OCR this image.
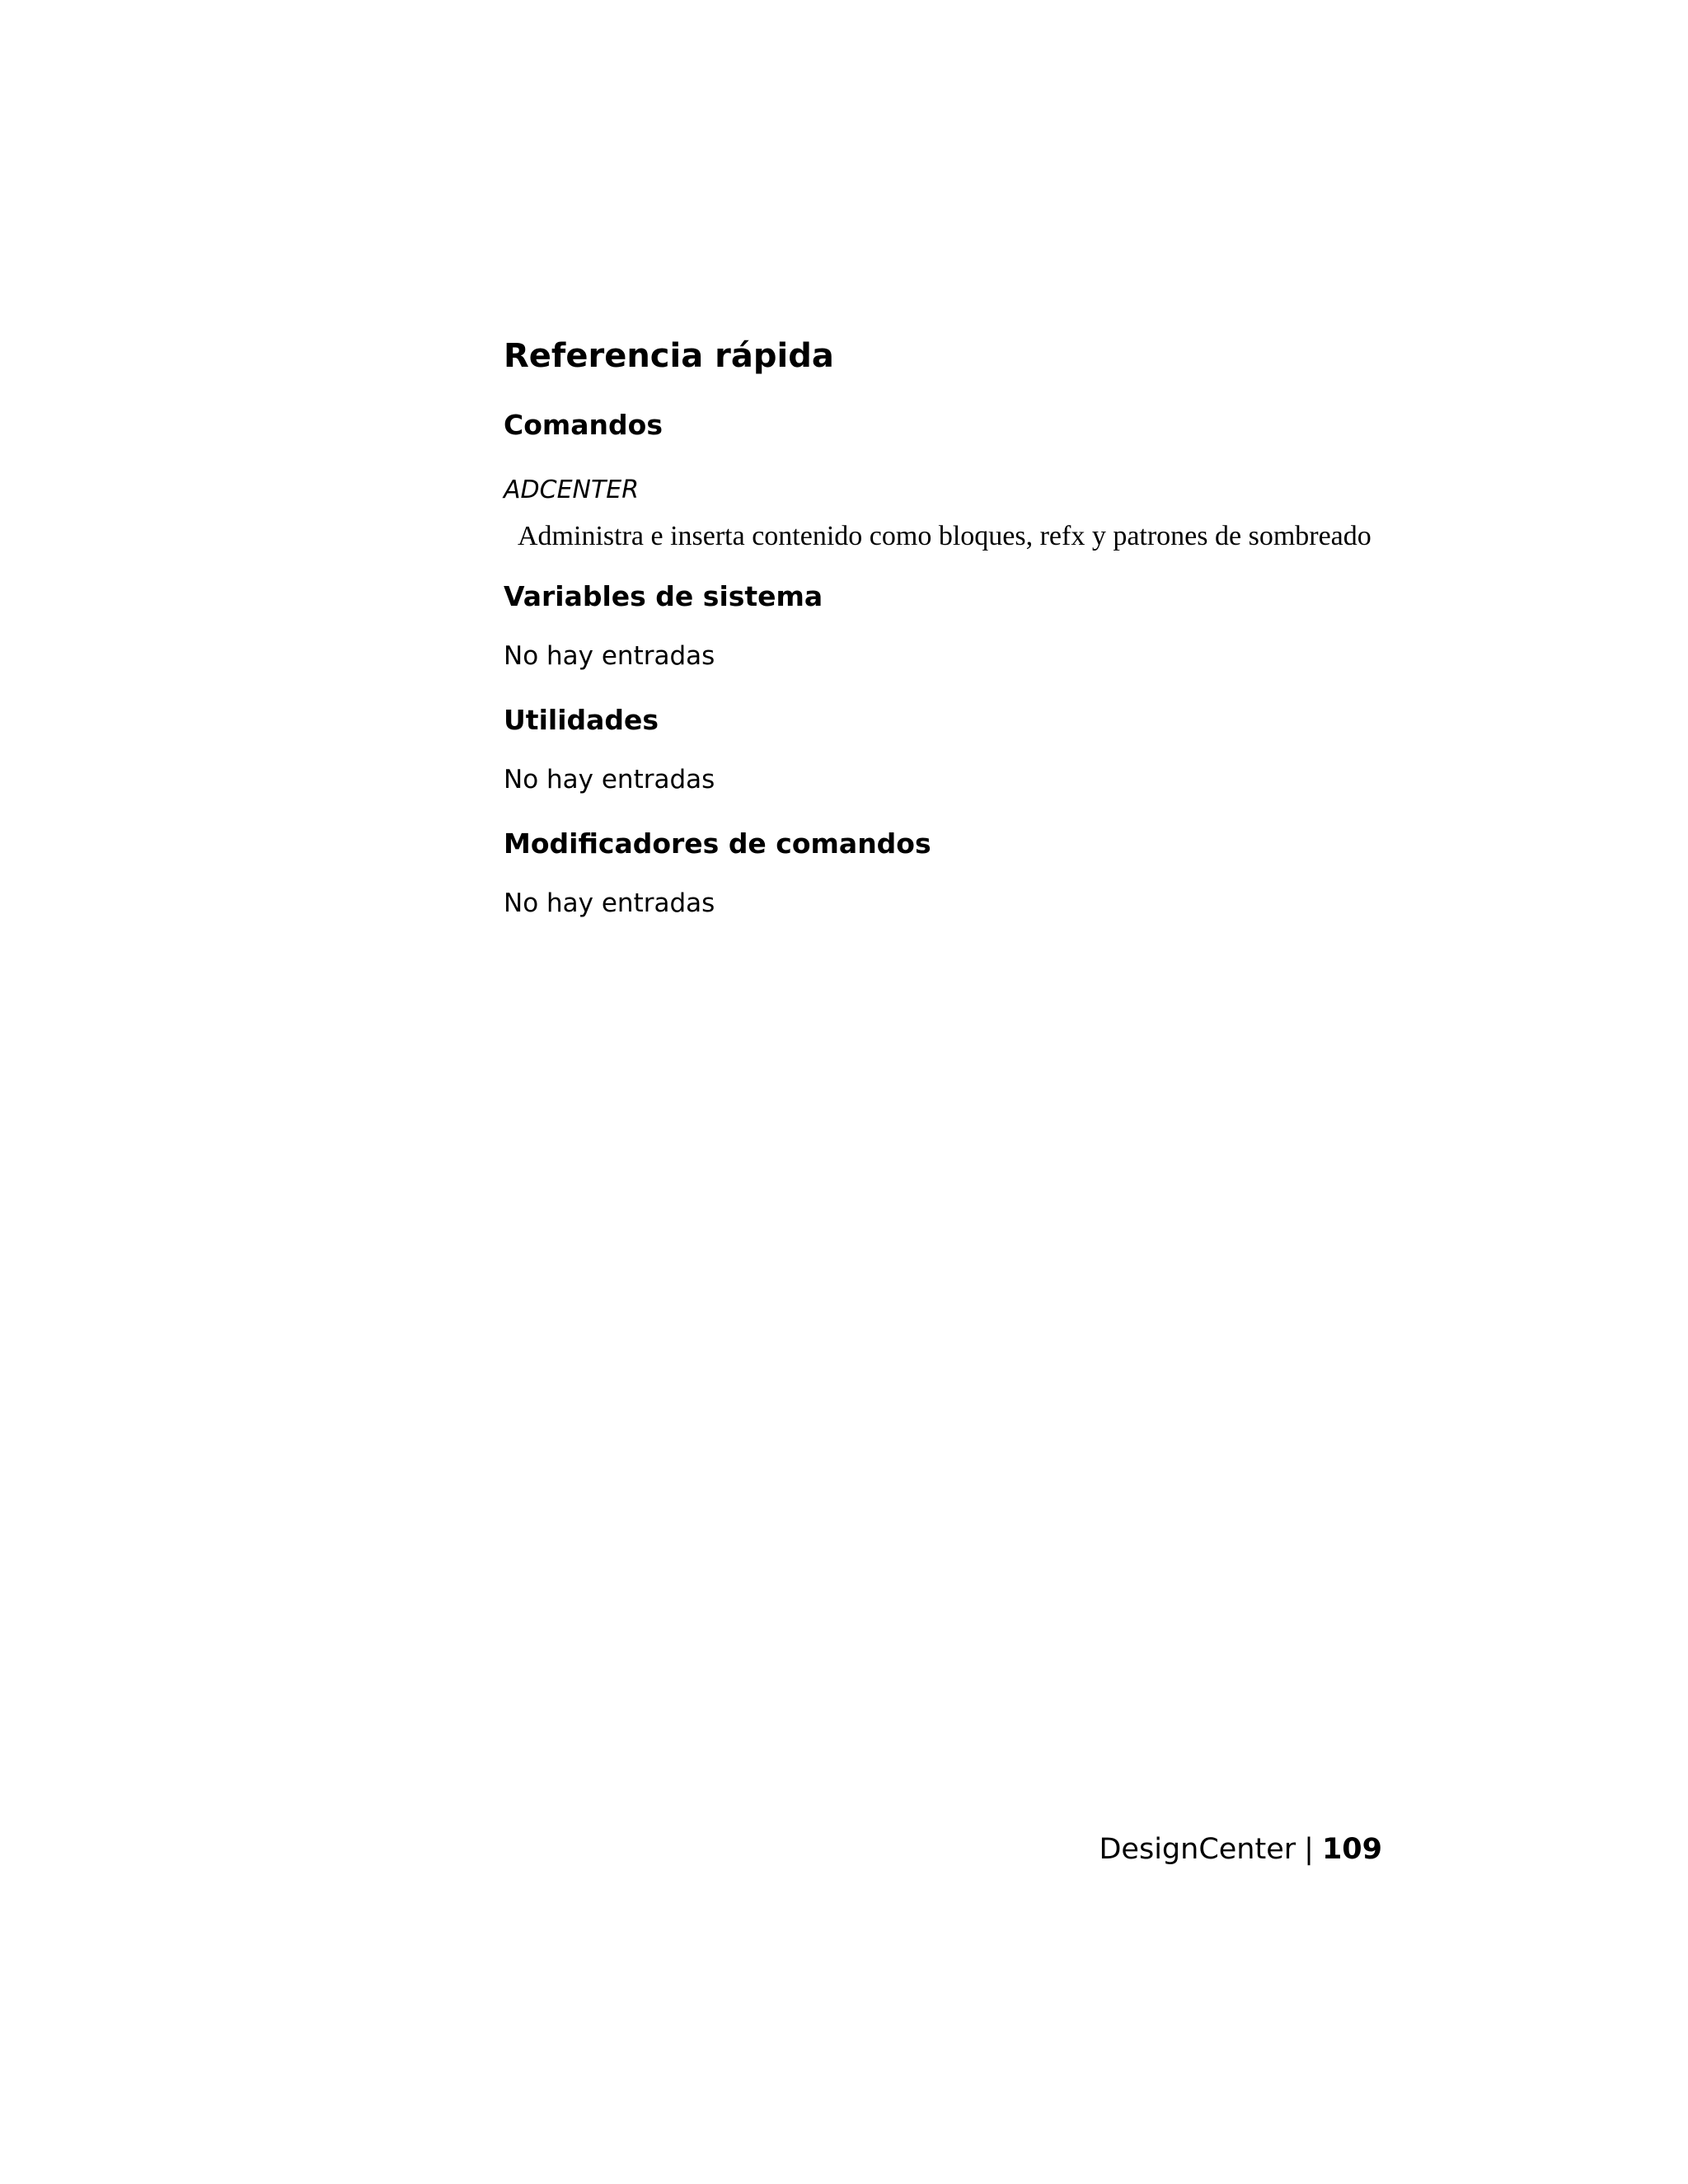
Referencia rápida
Comandos
ADCENTER
Administra e inserta contenido como bloques, refx y patrones de sombreado
Variables de sistema
No hay entradas
Utilidades
No hay entradas
Modificadores de comandos
No hay entradas
DesignCenter | 109
